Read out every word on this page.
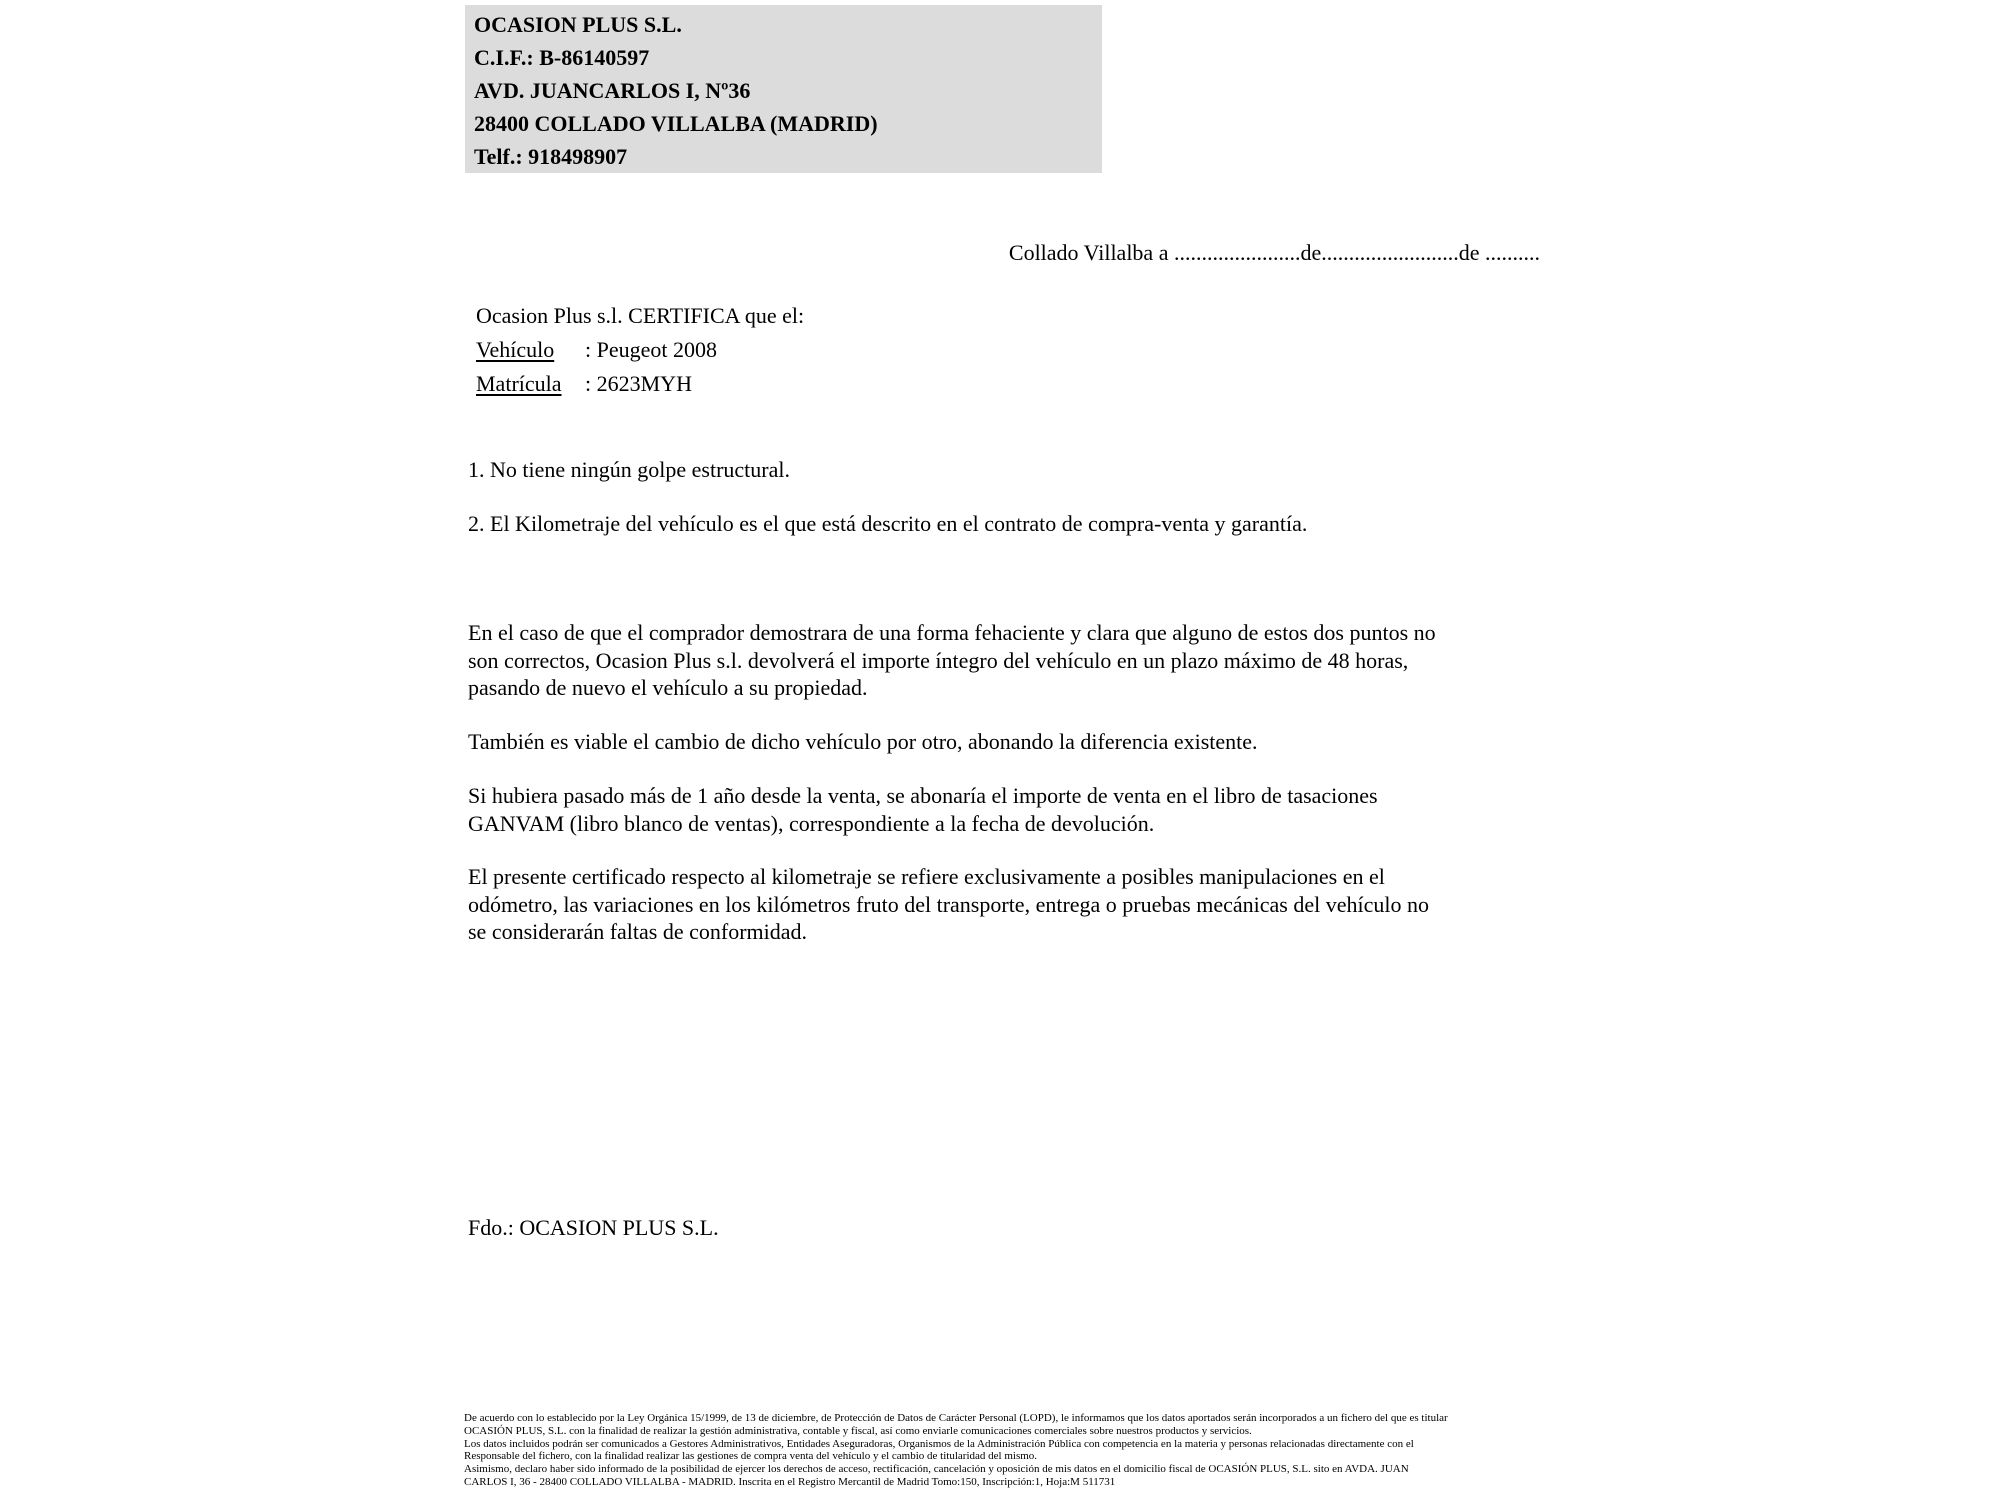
OCASION PLUS S.L.
C.I.F.: B-86140597
AVD. JUANCARLOS I, Nº36
28400 COLLADO VILLALBA (MADRID)
Telf.: 918498907
Collado Villalba a .......................de.........................de ..........
Ocasion Plus s.l. CERTIFICA que el:
Vehículo : Peugeot 2008
Matrícula : 2623MYH
1. No tiene ningún golpe estructural.
2. El Kilometraje del vehículo es el que está descrito en el contrato de compra-venta y garantía.
En el caso de que el comprador demostrara de una forma fehaciente y clara que alguno de estos dos puntos no
son correctos, Ocasion Plus s.l. devolverá el importe íntegro del vehículo en un plazo máximo de 48 horas,
pasando de nuevo el vehículo a su propiedad.
También es viable el cambio de dicho vehículo por otro, abonando la diferencia existente.
Si hubiera pasado más de 1 año desde la venta, se abonaría el importe de venta en el libro de tasaciones
GANVAM (libro blanco de ventas), correspondiente a la fecha de devolución.
El presente certificado respecto al kilometraje se refiere exclusivamente a posibles manipulaciones en el
odómetro, las variaciones en los kilómetros fruto del transporte, entrega o pruebas mecánicas del vehículo no
se considerarán faltas de conformidad.
Fdo.: OCASION PLUS S.L.
De acuerdo con lo establecido por la Ley Orgánica 15/1999, de 13 de diciembre, de Protección de Datos de Carácter Personal (LOPD), le informamos que los datos aportados serán incorporados a un fichero del que es titular
OCASIÓN PLUS, S.L. con la finalidad de realizar la gestión administrativa, contable y fiscal, así como enviarle comunicaciones comerciales sobre nuestros productos y servicios.
Los datos incluidos podrán ser comunicados a Gestores Administrativos, Entidades Aseguradoras, Organismos de la Administración Pública con competencia en la materia y personas relacionadas directamente con el
Responsable del fichero, con la finalidad realizar las gestiones de compra venta del vehículo y el cambio de titularidad del mismo.
Asimismo, declaro haber sido informado de la posibilidad de ejercer los derechos de acceso, rectificación, cancelación y oposición de mis datos en el domicilio fiscal de OCASIÓN PLUS, S.L. sito en AVDA. JUAN
CARLOS I, 36 - 28400 COLLADO VILLALBA - MADRID. Inscrita en el Registro Mercantil de Madrid Tomo:150, Inscripción:1, Hoja:M 511731
